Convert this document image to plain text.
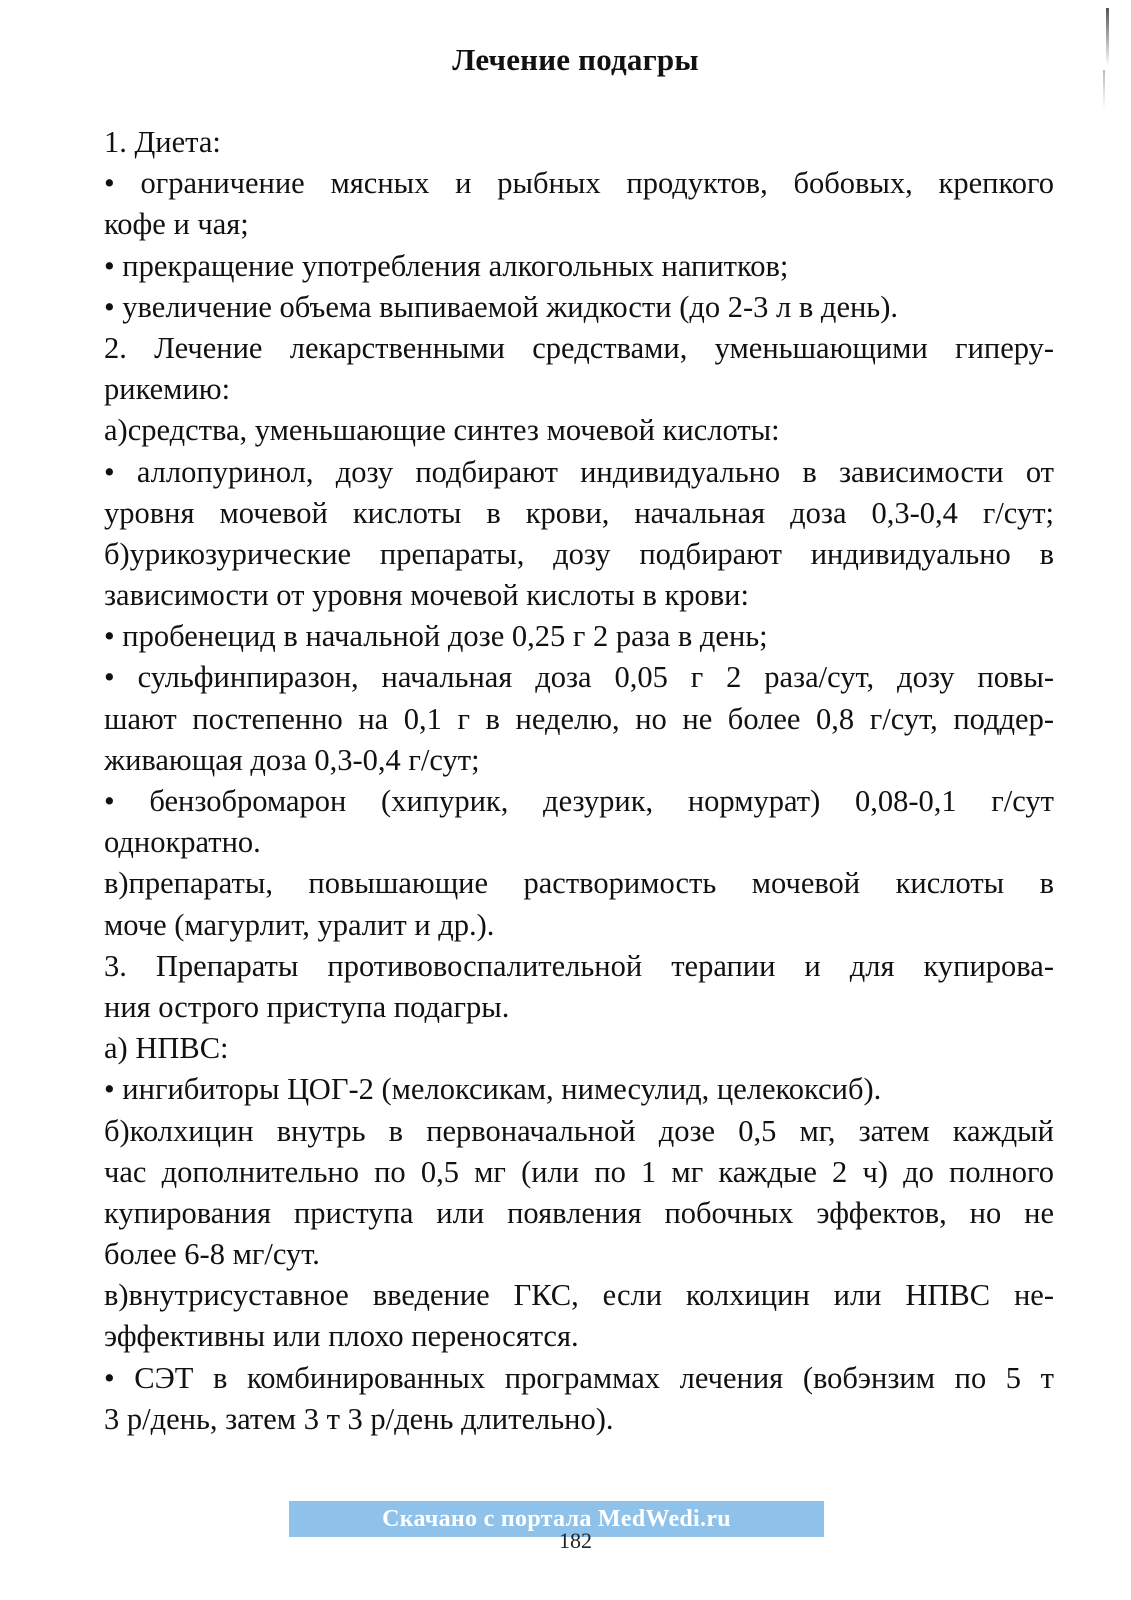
Лечение подагры
1. Диета:
• ограничение мясных и рыбных продуктов, бобовых, крепкого
кофе и чая;
• прекращение употребления алкогольных напитков;
• увеличение объема выпиваемой жидкости (до 2-3 л в день).
2. Лечение лекарственными средствами, уменьшающими гиперу-
рикемию:
а)средства, уменьшающие синтез мочевой кислоты:
• аллопуринол, дозу подбирают индивидуально в зависимости от
уровня мочевой кислоты в крови, начальная доза 0,3-0,4 г/сут;
б)урикозурические препараты, дозу подбирают индивидуально в
зависимости от уровня мочевой кислоты в крови:
• пробенецид в начальной дозе 0,25 г 2 раза в день;
• сульфинпиразон, начальная доза 0,05 г 2 раза/сут, дозу повы-
шают постепенно на 0,1 г в неделю, но не более 0,8 г/сут, поддер-
живающая доза 0,3-0,4 г/сут;
• бензобромарон (хипурик, дезурик, нормурат) 0,08-0,1 г/сут
однократно.
в)препараты, повышающие растворимость мочевой кислоты в
моче (магурлит, уралит и др.).
3. Препараты противовоспалительной терапии и для купирова-
ния острого приступа подагры.
а) НПВС:
• ингибиторы ЦОГ-2 (мелоксикам, нимесулид, целекоксиб).
б)колхицин внутрь в первоначальной дозе 0,5 мг, затем каждый
час дополнительно по 0,5 мг (или по 1 мг каждые 2 ч) до полного
купирования приступа или появления побочных эффектов, но не
более 6-8 мг/сут.
в)внутрисуставное введение ГКС, если колхицин или НПВС не-
эффективны или плохо переносятся.
• СЭТ в комбинированных программах лечения (вобэнзим по 5 т
3 р/день, затем 3 т 3 р/день длительно).
Скачано с портала MedWedi.ru
182
